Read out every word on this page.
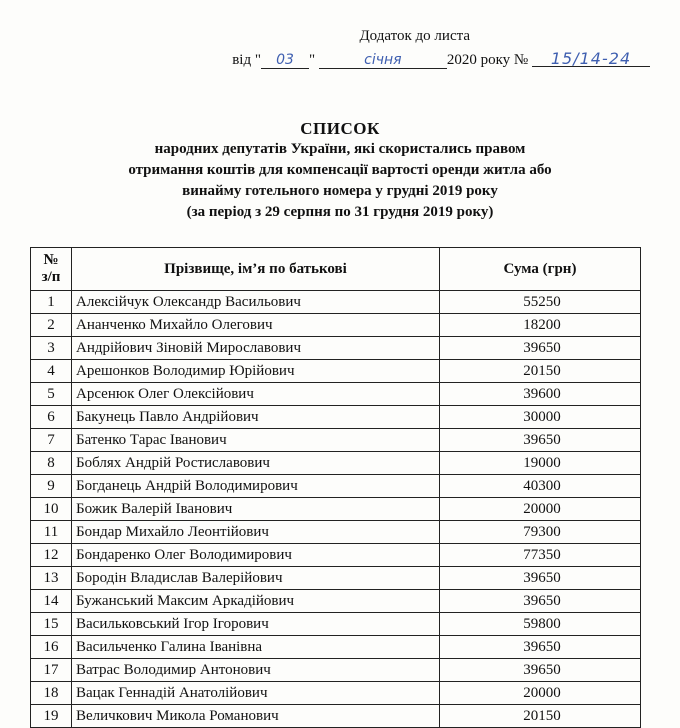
Додаток до листа
від " 03 "	січня	2020 року № 15/14-24
СПИСОК
народних депутатів України, які скористались правом
отримання коштів для компенсації вартості оренди житла або
винайму готельного номера у грудні 2019 року
(за період з 29 серпня по 31 грудня 2019 року)
№
з/п	Прізвище, ім’я по батькові	Сума (грн)
1	Алексійчук Олександр Васильович	55250
2	Ананченко Михайло Олегович	18200
3	Андрійович Зіновій Мирославович	39650
4	Арешонков Володимир Юрійович	20150
5	Арсенюк Олег Олексійович	39600
6	Бакунець Павло Андрійович	30000
7	Батенко Тарас Іванович	39650
8	Боблях Андрій Ростиславович	19000
9	Богданець Андрій Володимирович	40300
10	Божик Валерій Іванович	20000
11	Бондар Михайло Леонтійович	79300
12	Бондаренко Олег Володимирович	77350
13	Бородін Владислав Валерійович	39650
14	Бужанський Максим Аркадійович	39650
15	Васильковський Ігор Ігорович	59800
16	Васильченко Галина Іванівна	39650
17	Ватрас Володимир Антонович	39650
18	Вацак Геннадій Анатолійович	20000
19	Величкович Микола Романович	20150
